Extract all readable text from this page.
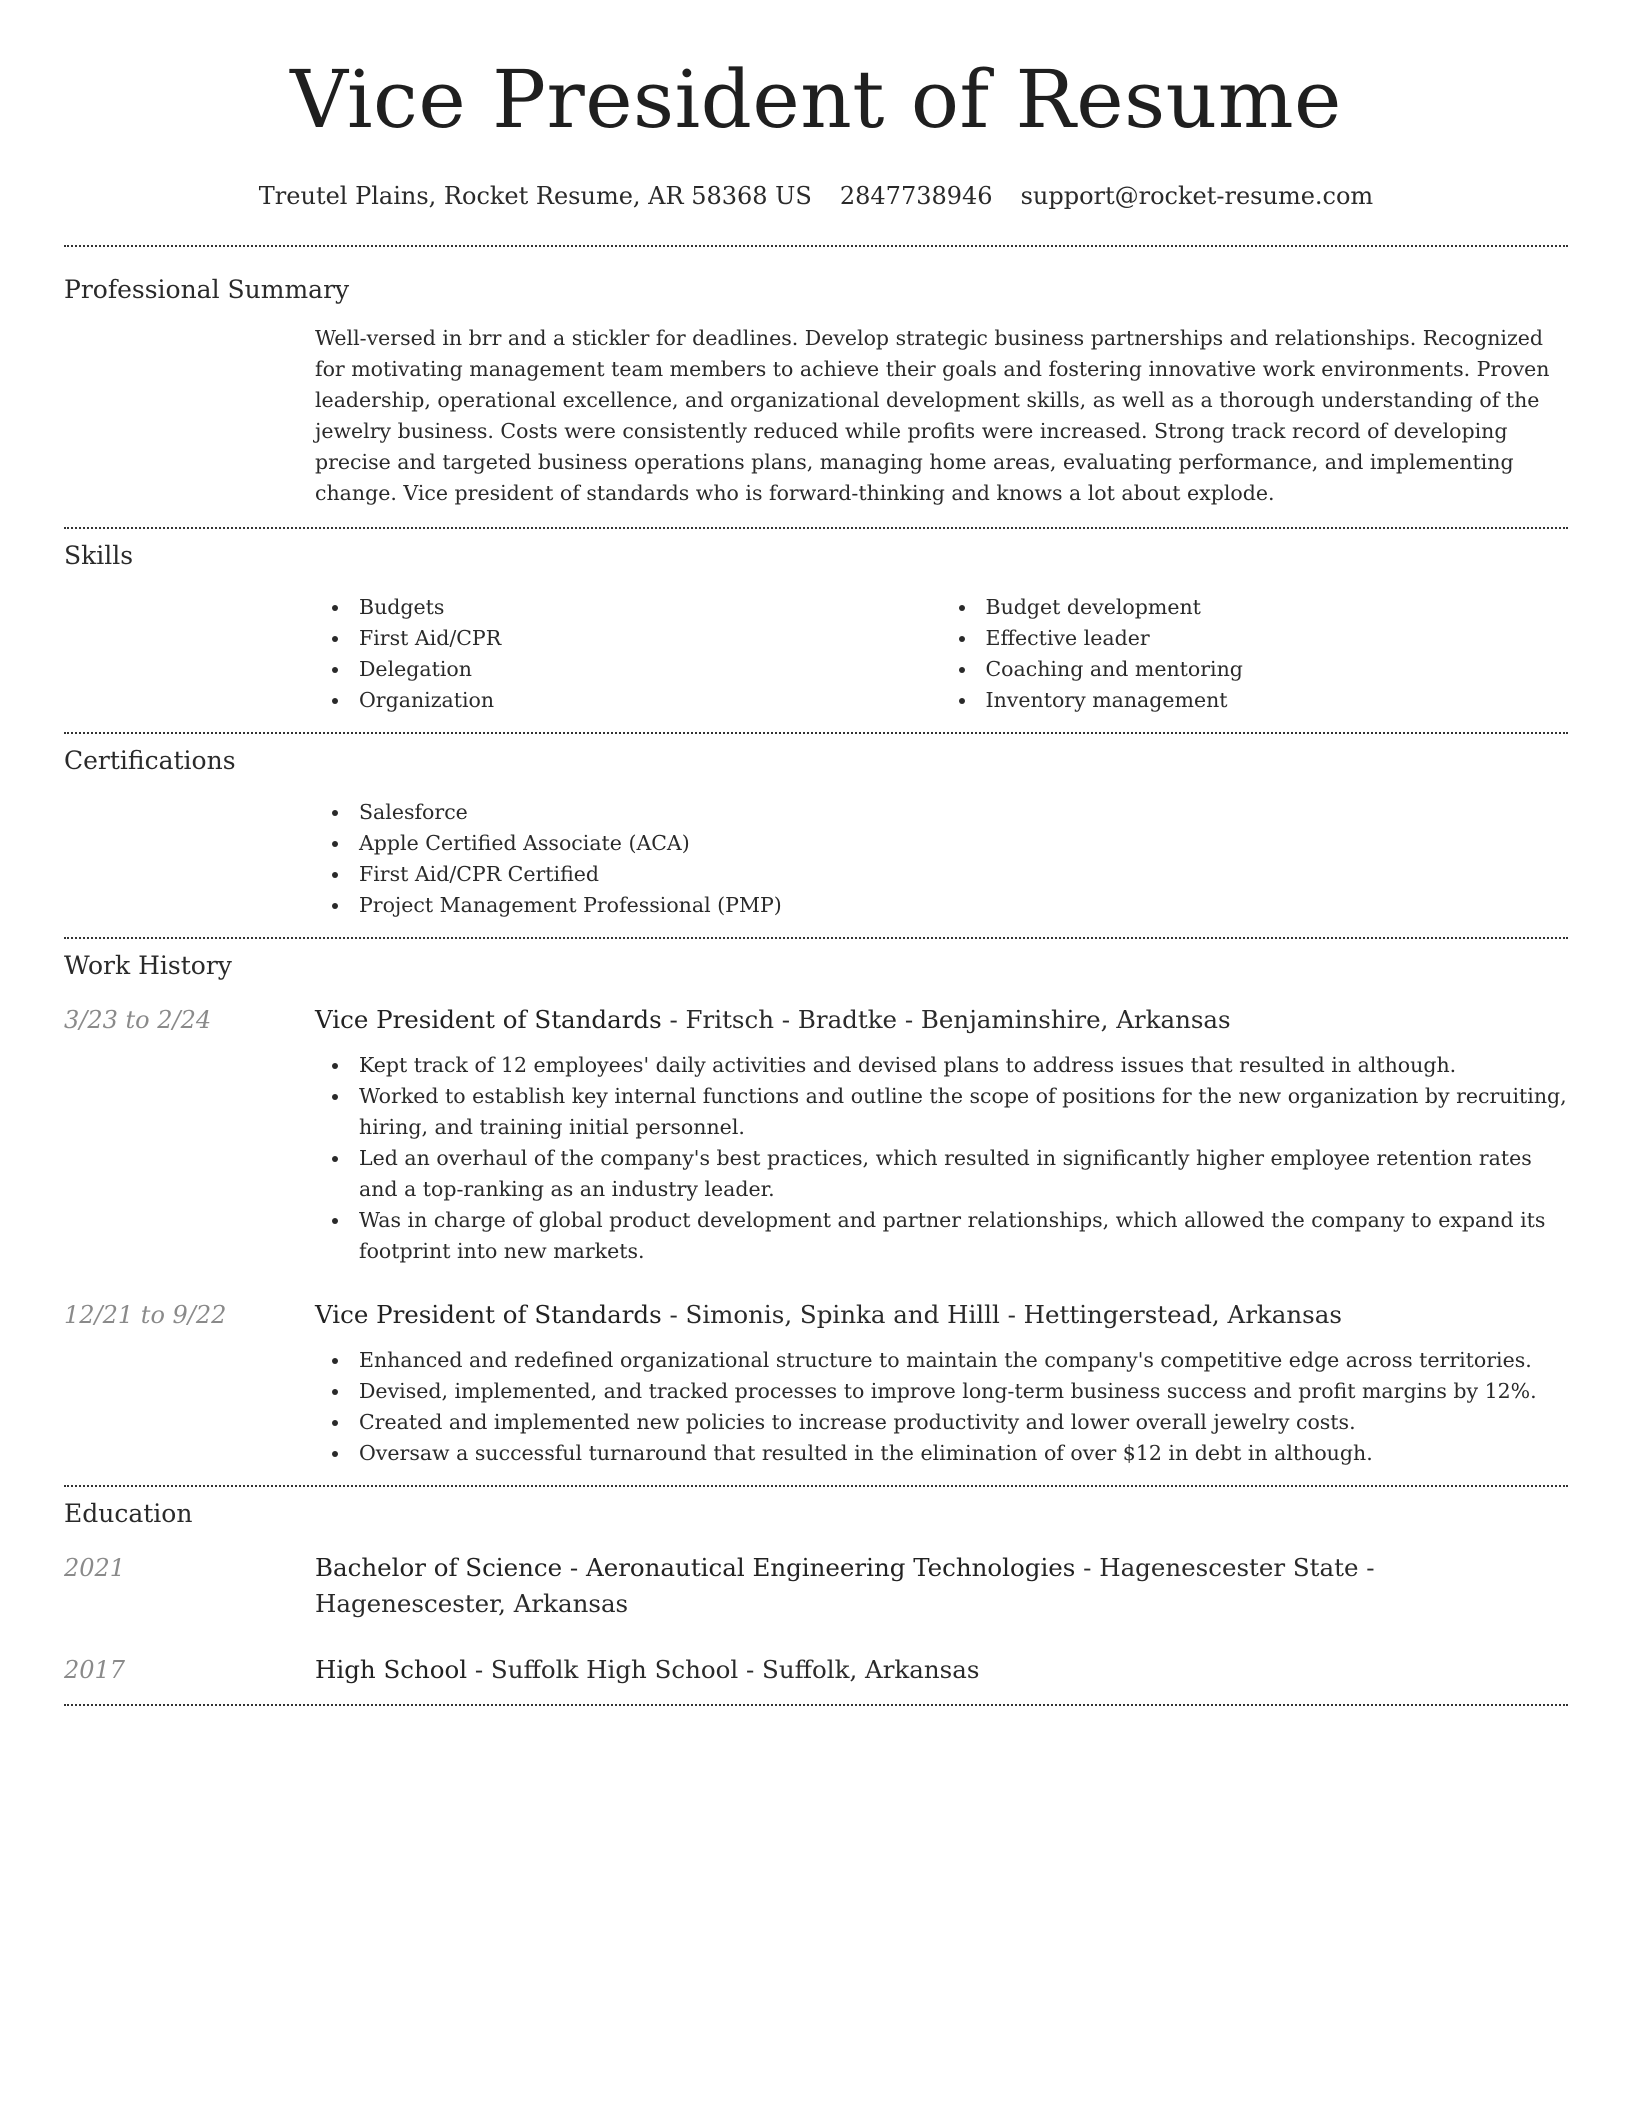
Vice President of Resume
Treutel Plains, Rocket Resume, AR 58368 US 2847738946 support@rocket-resume.com
Professional Summary

Well-versed in brr and a stickler for deadlines. Develop strategic business partnerships and relationships. Recognized for motivating management team members to achieve their goals and fostering innovative work environments. Proven leadership, operational excellence, and organizational development skills, as well as a thorough understanding of the jewelry business. Costs were consistently reduced while profits were increased. Strong track record of developing precise and targeted business operations plans, managing home areas, evaluating performance, and implementing change. Vice president of standards who is forward-thinking and knows a lot about explode.

Skills
Budgets
First Aid/CPR
Delegation
Organization
Budget development
Effective leader
Coaching and mentoring
Inventory management
Certifications
Salesforce
Apple Certified Associate (ACA)
First Aid/CPR Certified
Project Management Professional (PMP)
Work History
3/23 to 2/24	Vice President of Standards - Fritsch - Bradtke - Benjaminshire, Arkansas

Kept track of 12 employees' daily activities and devised plans to address issues that resulted in although.
Worked to establish key internal functions and outline the scope of positions for the new organization by recruiting, hiring, and training initial personnel.
Led an overhaul of the company's best practices, which resulted in significantly higher employee retention rates and a top-ranking as an industry leader.
Was in charge of global product development and partner relationships, which allowed the company to expand its footprint into new markets.
12/21 to 9/22	Vice President of Standards - Simonis, Spinka and Hilll - Hettingerstead, Arkansas

Enhanced and redefined organizational structure to maintain the company's competitive edge across territories.
Devised, implemented, and tracked processes to improve long-term business success and profit margins by 12%.
Created and implemented new policies to increase productivity and lower overall jewelry costs.
Oversaw a successful turnaround that resulted in the elimination of over $12 in debt in although.
Education
2021	Bachelor of Science - Aeronautical Engineering Technologies - Hagenescester State - Hagenescester, Arkansas

2017	High School - Suffolk High School - Suffolk, Arkansas
